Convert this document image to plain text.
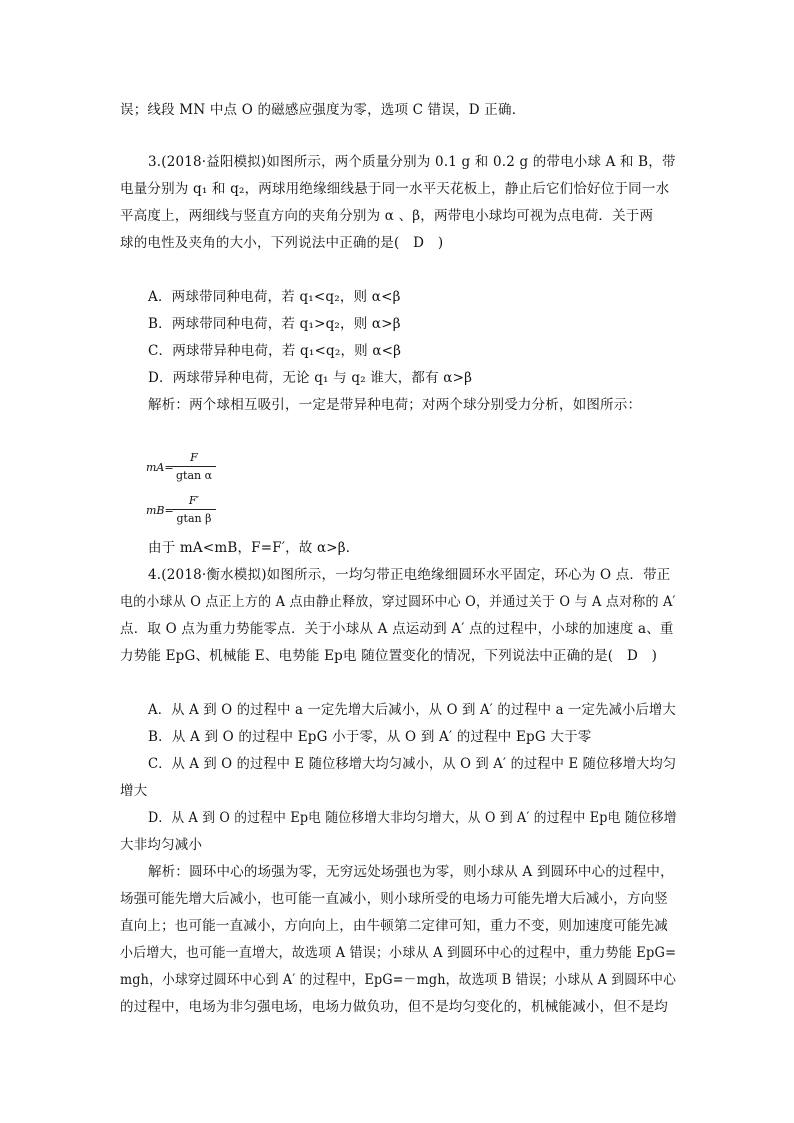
误；线段 MN 中点 O 的磁感应强度为零，选项 C 错误，D 正确．
3.(2018·益阳模拟)如图所示，两个质量分别为 0.1 g 和 0.2 g 的带电小球 A 和 B，带
电量分别为 q₁ 和 q₂，两球用绝缘细线悬于同一水平天花板上，静止后它们恰好位于同一水
平高度上，两细线与竖直方向的夹角分别为 α 、β，两带电小球均可视为点电荷．关于两
球的电性及夹角的大小，下列说法中正确的是(　D　)
A．两球带同种电荷，若 q₁<q₂，则 α<β
B．两球带同种电荷，若 q₁>q₂，则 α>β
C．两球带异种电荷，若 q₁<q₂，则 α<β
D．两球带异种电荷，无论 q₁ 与 q₂ 谁大，都有 α>β
解析：两个球相互吸引，一定是带异种电荷；对两个球分别受力分析，如图所示：
mA=
F
gtan α
mB=
F′
gtan β
由于 mA<mB，F=F′，故 α>β．
4.(2018·衡水模拟)如图所示，一均匀带正电绝缘细圆环水平固定，环心为 O 点．带正
电的小球从 O 点正上方的 A 点由静止释放，穿过圆环中心 O，并通过关于 O 与 A 点对称的 A′
点．取 O 点为重力势能零点．关于小球从 A 点运动到 A′ 点的过程中，小球的加速度 a、重
力势能 EpG、机械能 E、电势能 Ep电 随位置变化的情况，下列说法中正确的是(　D　)
A．从 A 到 O 的过程中 a 一定先增大后减小，从 O 到 A′ 的过程中 a 一定先减小后增大
B．从 A 到 O 的过程中 EpG 小于零，从 O 到 A′ 的过程中 EpG 大于零
C．从 A 到 O 的过程中 E 随位移增大均匀减小，从 O 到 A′ 的过程中 E 随位移增大均匀
增大
D．从 A 到 O 的过程中 Ep电 随位移增大非均匀增大，从 O 到 A′ 的过程中 Ep电 随位移增
大非均匀减小
解析：圆环中心的场强为零，无穷远处场强也为零，则小球从 A 到圆环中心的过程中，
场强可能先增大后减小，也可能一直减小，则小球所受的电场力可能先增大后减小，方向竖
直向上；也可能一直减小，方向向上，由牛顿第二定律可知，重力不变，则加速度可能先减
小后增大，也可能一直增大，故选项 A 错误；小球从 A 到圆环中心的过程中，重力势能 EpG=
mgh，小球穿过圆环中心到 A′ 的过程中，EpG=－mgh，故选项 B 错误；小球从 A 到圆环中心
的过程中，电场为非匀强电场，电场力做负功，但不是均匀变化的，机械能减小，但不是均
